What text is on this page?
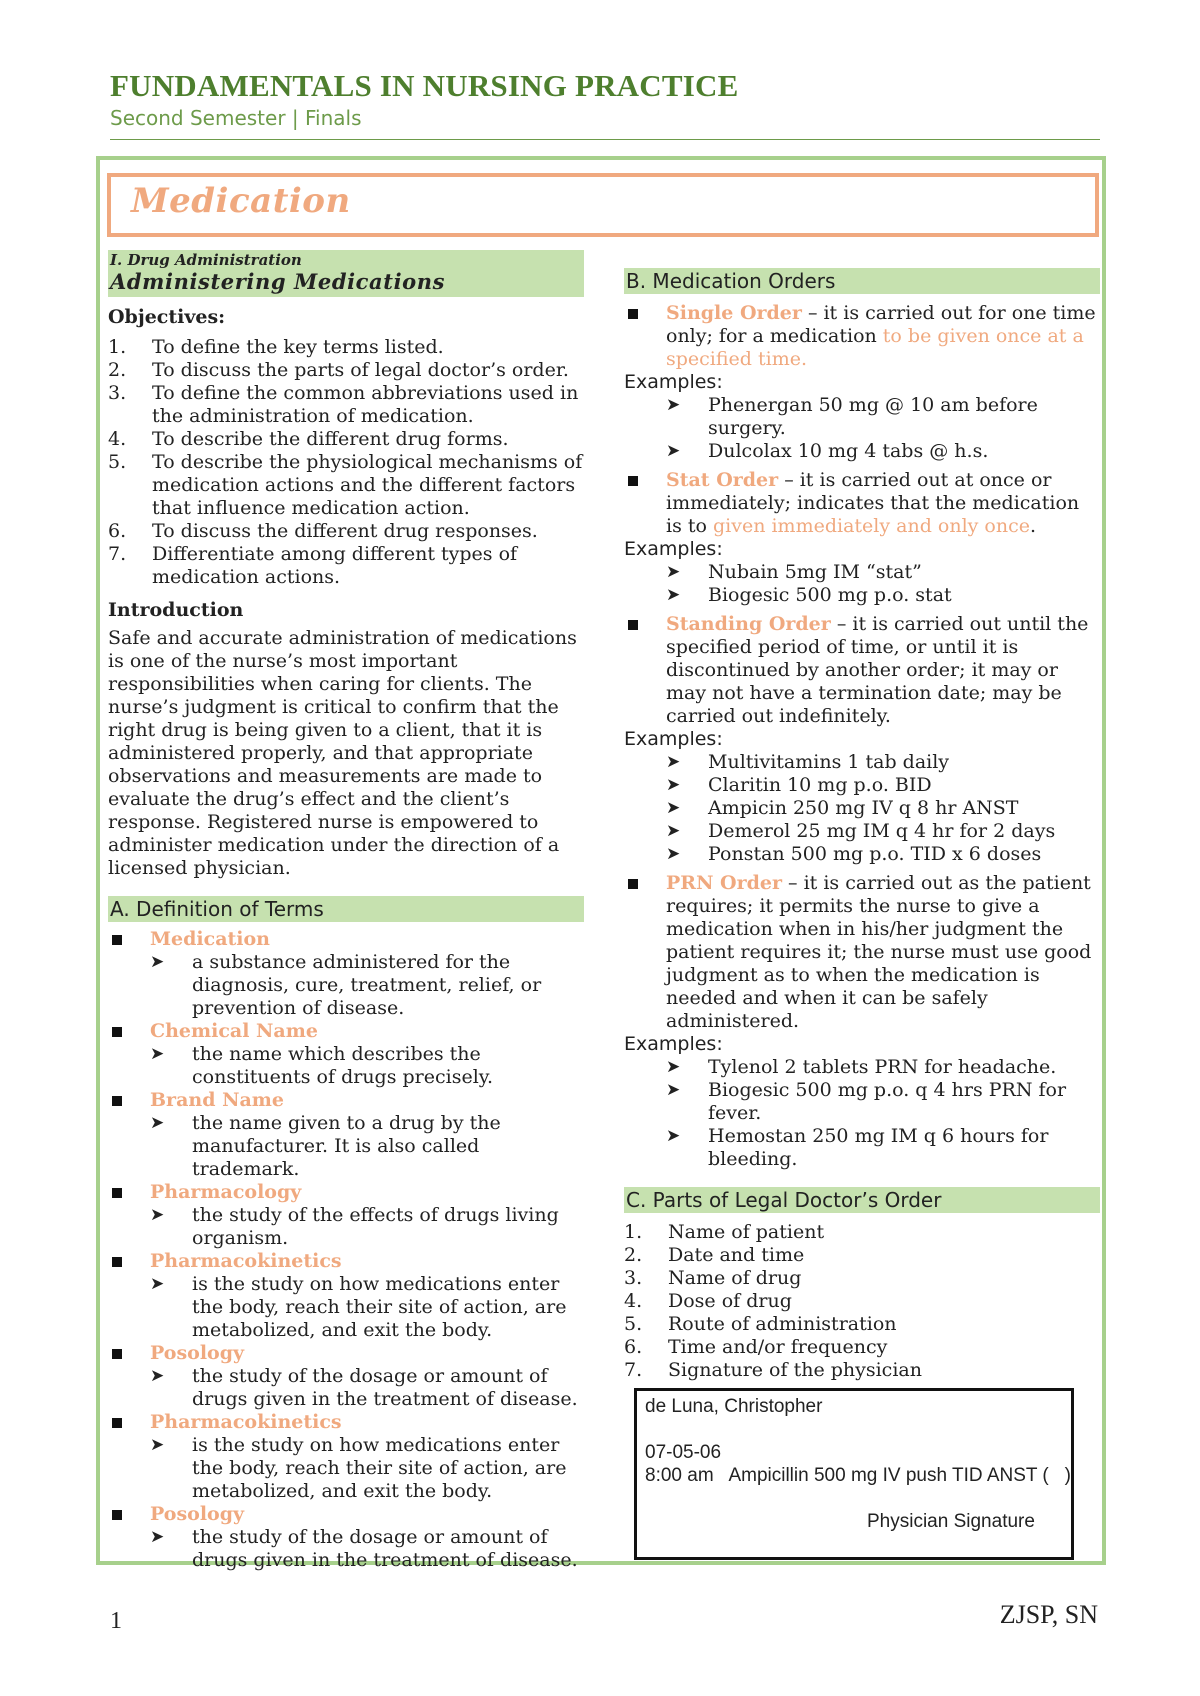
FUNDAMENTALS IN NURSING PRACTICE
Second Semester | Finals
Medication
I. Drug Administration
Administering Medications
Objectives:
1. To define the key terms listed.
2. To discuss the parts of legal doctor’s order.
3. To define the common abbreviations used in the administration of medication.
4. To describe the different drug forms.
5. To describe the physiological mechanisms of medication actions and the different factors that influence medication action.
6. To discuss the different drug responses.
7. Differentiate among different types of medication actions.
Introduction

Safe and accurate administration of medications is one of the nurse’s most important responsibilities when caring for clients. The nurse’s judgment is critical to confirm that the right drug is being given to a client, that it is administered properly, and that appropriate observations and measurements are made to evaluate the drug’s effect and the client’s response. Registered nurse is empowered to administer medication under the direction of a licensed physician.

A. Definition of Terms
Medication
➤ a substance administered for the diagnosis, cure, treatment, relief, or prevention of disease.
Chemical Name
➤ the name which describes the constituents of drugs precisely.
Brand Name
➤ the name given to a drug by the manufacturer. It is also called trademark.
Pharmacology
➤ the study of the effects of drugs living organism.
Pharmacokinetics
➤ is the study on how medications enter the body, reach their site of action, are metabolized, and exit the body.
Posology
➤ the study of the dosage or amount of drugs given in the treatment of disease.
Pharmacokinetics
➤ is the study on how medications enter the body, reach their site of action, are metabolized, and exit the body.
Posology
➤ the study of the dosage or amount of drugs given in the treatment of disease.
B. Medication Orders
Single Order – it is carried out for one time only; for a medication to be given once at a specified time.
Examples:
➤ Phenergan 50 mg @ 10 am before surgery.
➤ Dulcolax 10 mg 4 tabs @ h.s.
Stat Order – it is carried out at once or immediately; indicates that the medication is to given immediately and only once.
Examples:
➤ Nubain 5mg IM “stat”
➤ Biogesic 500 mg p.o. stat
Standing Order – it is carried out until the specified period of time, or until it is discontinued by another order; it may or may not have a termination date; may be carried out indefinitely.
Examples:
➤ Multivitamins 1 tab daily
➤ Claritin 10 mg p.o. BID
➤ Ampicin 250 mg IV q 8 hr ANST
➤ Demerol 25 mg IM q 4 hr for 2 days
➤ Ponstan 500 mg p.o. TID x 6 doses
PRN Order – it is carried out as the patient requires; it permits the nurse to give a medication when in his/her judgment the patient requires it; the nurse must use good judgment as to when the medication is needed and when it can be safely administered.
Examples:
➤ Tylenol 2 tablets PRN for headache.
➤ Biogesic 500 mg p.o. q 4 hrs PRN for fever.
➤ Hemostan 250 mg IM q 6 hours for bleeding.
C. Parts of Legal Doctor’s Order
1. Name of patient
2. Date and time
3. Name of drug
4. Dose of drug
5. Route of administration
6. Time and/or frequency
7. Signature of the physician
de Luna, Christopher
07-05-06
8:00 am   Ampicillin 500 mg IV push TID ANST (   )
Physician Signature
1	ZJSP, SN
